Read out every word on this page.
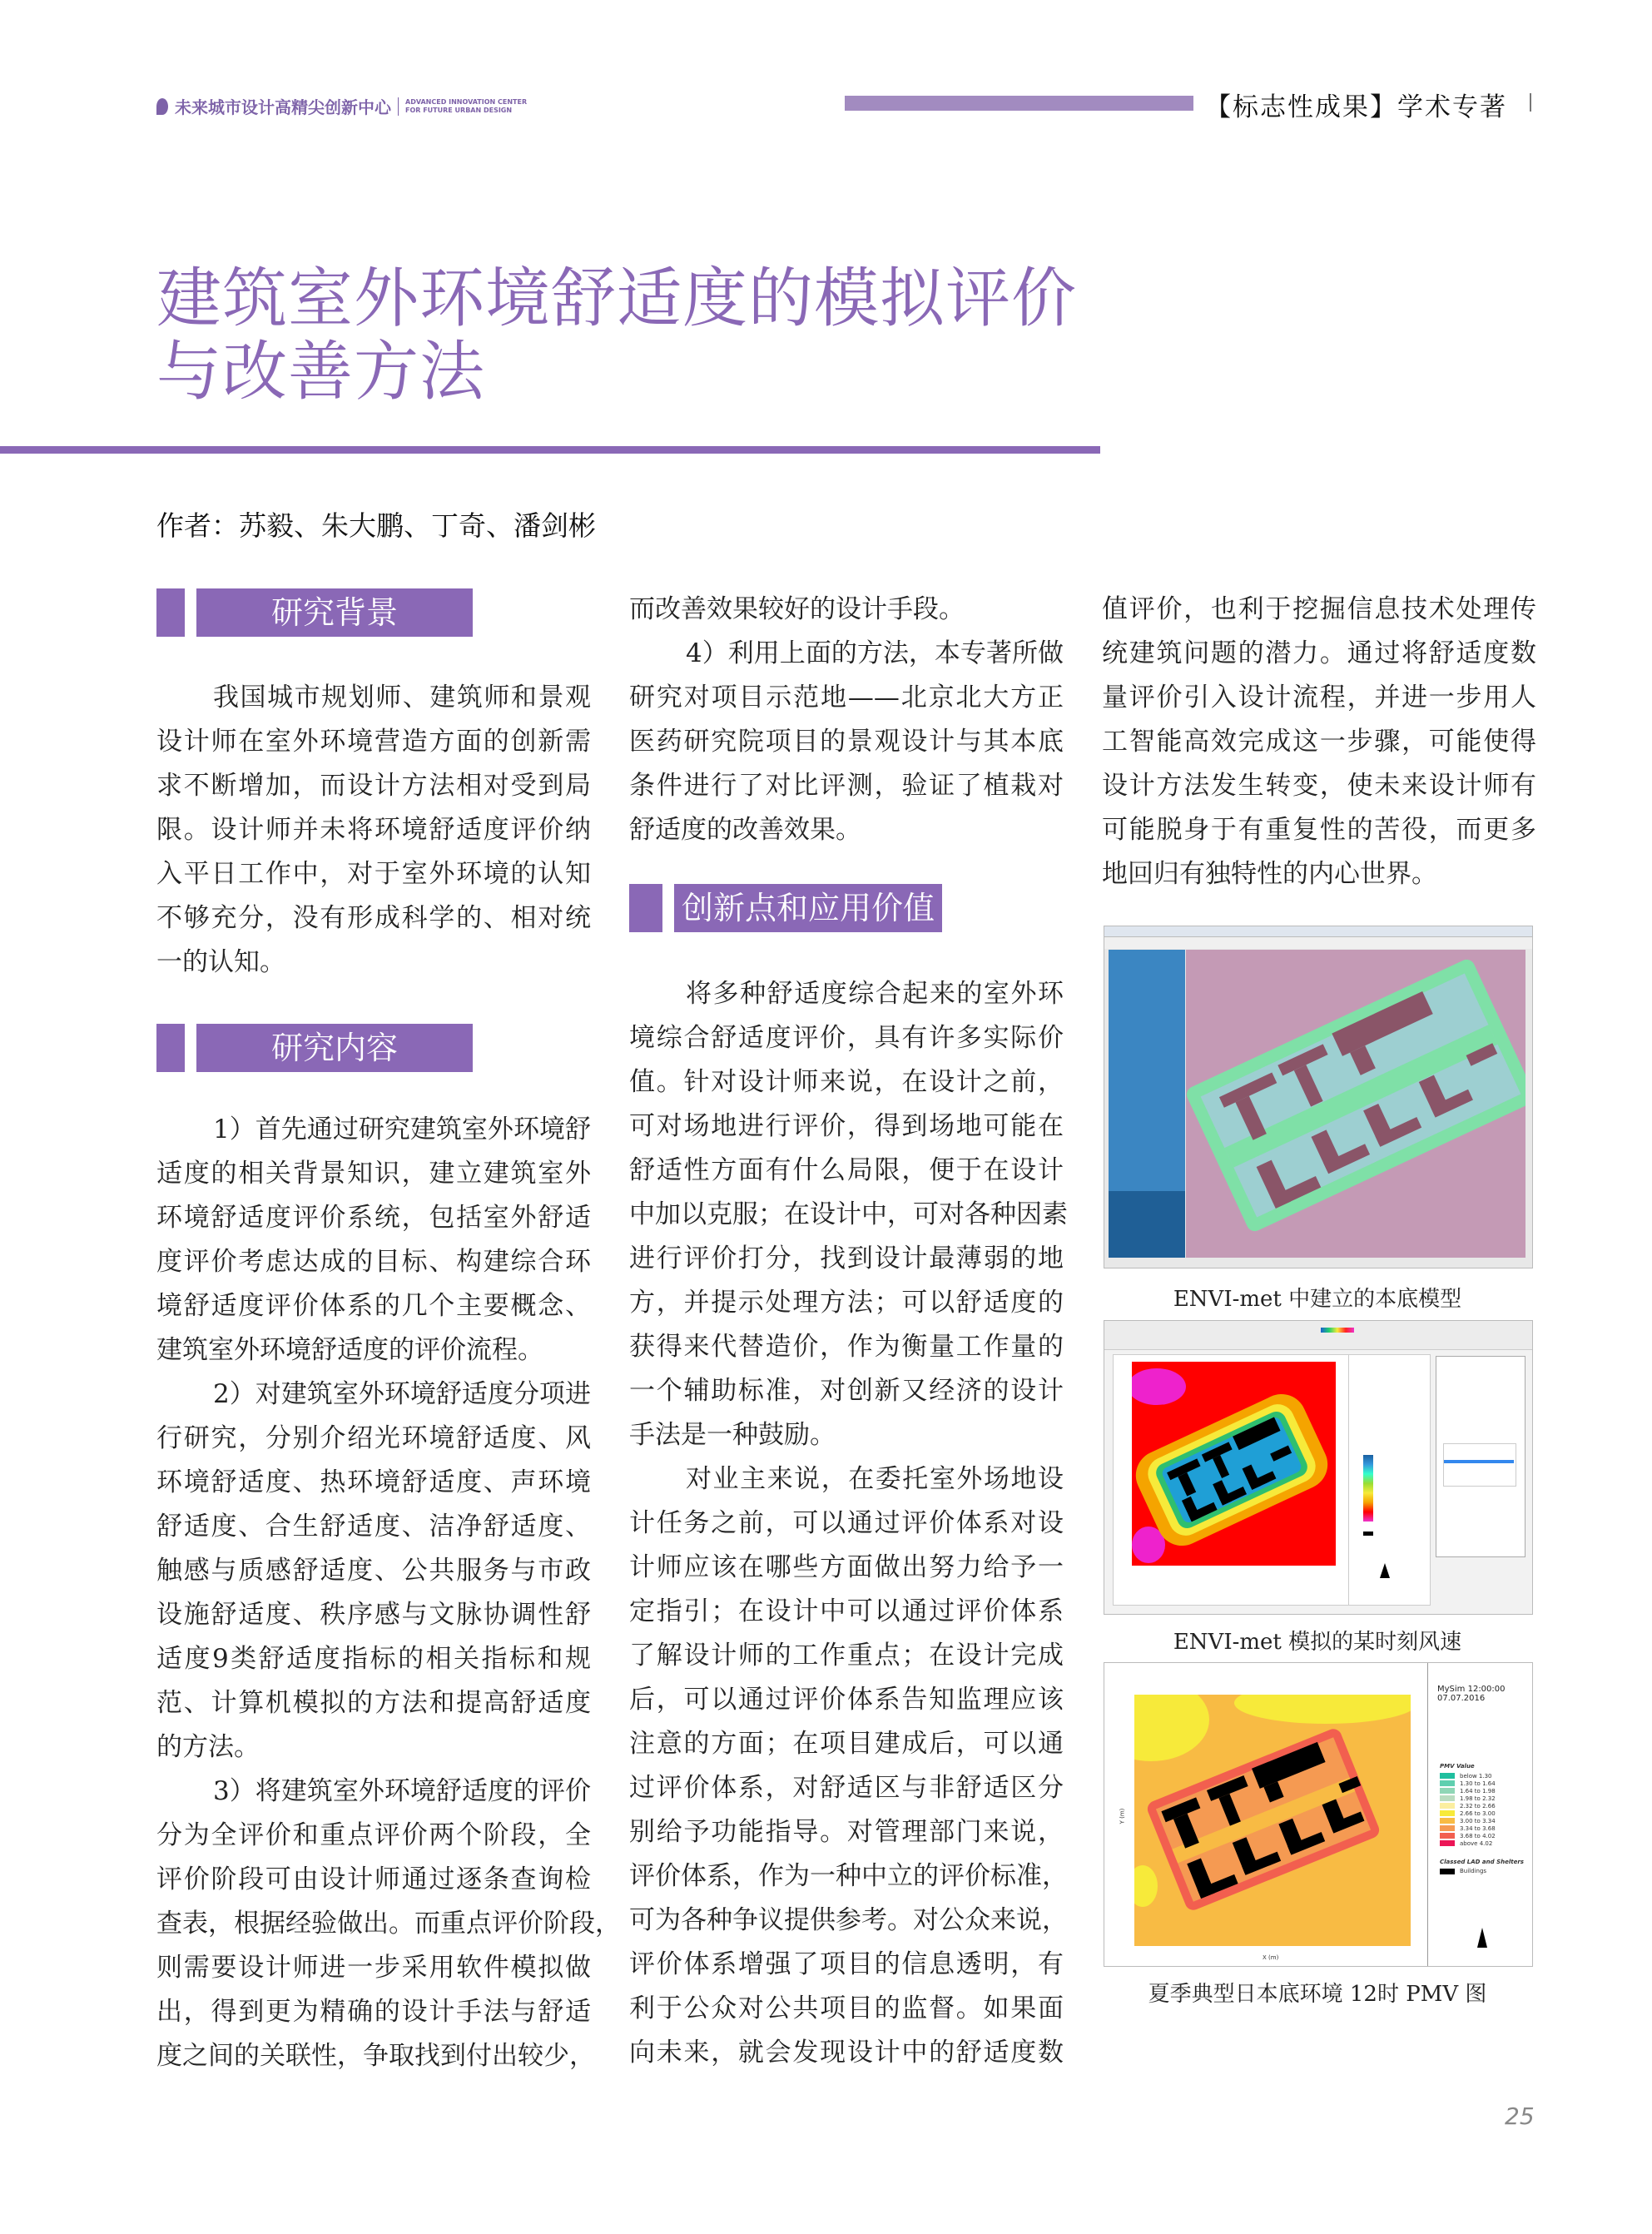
未来城市设计高精尖创新中心 ADVANCED INNOVATION CENTER
FOR FUTURE URBAN DESIGN	【标志性成果】学术专著
建筑室外环境舒适度的模拟评价
与改善方法
作者：苏毅、朱大鹏、丁奇、潘剑彬
研究背景
研究内容
创新点和应用价值
我国城市规划师、建筑师和景观
设计师在室外环境营造方面的创新需
求不断增加，而设计方法相对受到局
限。设计师并未将环境舒适度评价纳
入平日工作中，对于室外环境的认知
不够充分，没有形成科学的、相对统
一的认知。
1）首先通过研究建筑室外环境舒
适度的相关背景知识，建立建筑室外
环境舒适度评价系统，包括室外舒适
度评价考虑达成的目标、构建综合环
境舒适度评价体系的几个主要概念、
建筑室外环境舒适度的评价流程。
2）对建筑室外环境舒适度分项进
行研究，分别介绍光环境舒适度、风
环境舒适度、热环境舒适度、声环境
舒适度、合生舒适度、洁净舒适度、
触感与质感舒适度、公共服务与市政
设施舒适度、秩序感与文脉协调性舒
适度9类舒适度指标的相关指标和规
范、计算机模拟的方法和提高舒适度
的方法。
3）将建筑室外环境舒适度的评价
分为全评价和重点评价两个阶段，全
评价阶段可由设计师通过逐条查询检
查表，根据经验做出。而重点评价阶段，
则需要设计师进一步采用软件模拟做
出，得到更为精确的设计手法与舒适
度之间的关联性，争取找到付出较少，
而改善效果较好的设计手段。
4）利用上面的方法，本专著所做
研究对项目示范地——北京北大方正
医药研究院项目的景观设计与其本底
条件进行了对比评测，验证了植栽对
舒适度的改善效果。
将多种舒适度综合起来的室外环
境综合舒适度评价，具有许多实际价
值。针对设计师来说，在设计之前，
可对场地进行评价，得到场地可能在
舒适性方面有什么局限，便于在设计
中加以克服；在设计中，可对各种因素
进行评价打分，找到设计最薄弱的地
方，并提示处理方法；可以舒适度的
获得来代替造价，作为衡量工作量的
一个辅助标准，对创新又经济的设计
手法是一种鼓励。
对业主来说，在委托室外场地设
计任务之前，可以通过评价体系对设
计师应该在哪些方面做出努力给予一
定指引；在设计中可以通过评价体系
了解设计师的工作重点；在设计完成
后，可以通过评价体系告知监理应该
注意的方面；在项目建成后，可以通
过评价体系，对舒适区与非舒适区分
别给予功能指导。对管理部门来说，
评价体系，作为一种中立的评价标准，
可为各种争议提供参考。对公众来说，
评价体系增强了项目的信息透明，有
利于公众对公共项目的监督。如果面
向未来，就会发现设计中的舒适度数
值评价，也利于挖掘信息技术处理传
统建筑问题的潜力。通过将舒适度数
量评价引入设计流程，并进一步用人
工智能高效完成这一步骤，可能使得
设计方法发生转变，使未来设计师有
可能脱身于有重复性的苦役，而更多
地回归有独特性的内心世界。
ENVI-met 中建立的本底模型
ENVI-met 模拟的某时刻风速
Y (m)
X (m)
MySim 12:00:00 07.07.2016
PMV Value
below 1.30
1.30 to 1.64
1.64 to 1.98
1.98 to 2.32
2.32 to 2.66
2.66 to 3.00
3.00 to 3.34
3.34 to 3.68
3.68 to 4.02
above 4.02
Classed LAD and Shelters
Buildings
夏季典型日本底环境 12时 PMV 图
25
